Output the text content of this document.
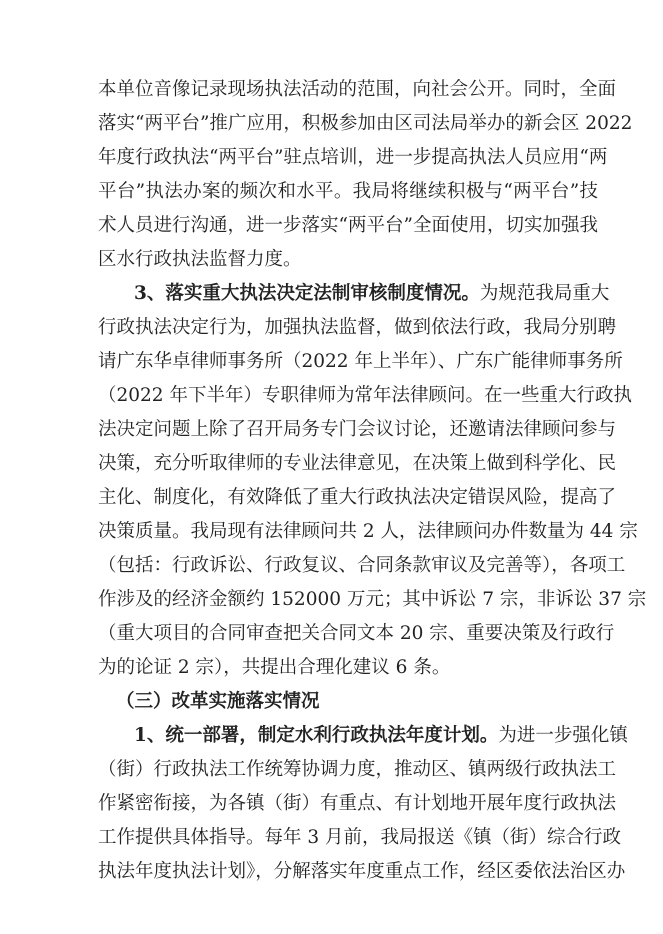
本单位音像记录现场执法活动的范围，向社会公开。同时，全面
落实“两平台”推广应用，积极参加由区司法局举办的新会区 2022
年度行政执法“两平台”驻点培训，进一步提高执法人员应用“两
平台”执法办案的频次和水平。我局将继续积极与“两平台”技
术人员进行沟通，进一步落实“两平台”全面使用，切实加强我
区水行政执法监督力度。
3、落实重大执法决定法制审核制度情况。为规范我局重大
行政执法决定行为，加强执法监督，做到依法行政，我局分别聘
请广东华卓律师事务所（2022 年上半年）、广东广能律师事务所
（2022 年下半年）专职律师为常年法律顾问。在一些重大行政执
法决定问题上除了召开局务专门会议讨论，还邀请法律顾问参与
决策，充分听取律师的专业法律意见，在决策上做到科学化、民
主化、制度化，有效降低了重大行政执法决定错误风险，提高了
决策质量。我局现有法律顾问共 2 人，法律顾问办件数量为 44 宗
（包括：行政诉讼、行政复议、合同条款审议及完善等），各项工
作涉及的经济金额约 152000 万元；其中诉讼 7 宗，非诉讼 37 宗
（重大项目的合同审查把关合同文本 20 宗、重要决策及行政行
为的论证 2 宗），共提出合理化建议 6 条。
（三）改革实施落实情况
1、统一部署，制定水利行政执法年度计划。为进一步强化镇
（街）行政执法工作统筹协调力度，推动区、镇两级行政执法工
作紧密衔接，为各镇（街）有重点、有计划地开展年度行政执法
工作提供具体指导。每年 3 月前，我局报送《镇（街）综合行政
执法年度执法计划》，分解落实年度重点工作，经区委依法治区办
